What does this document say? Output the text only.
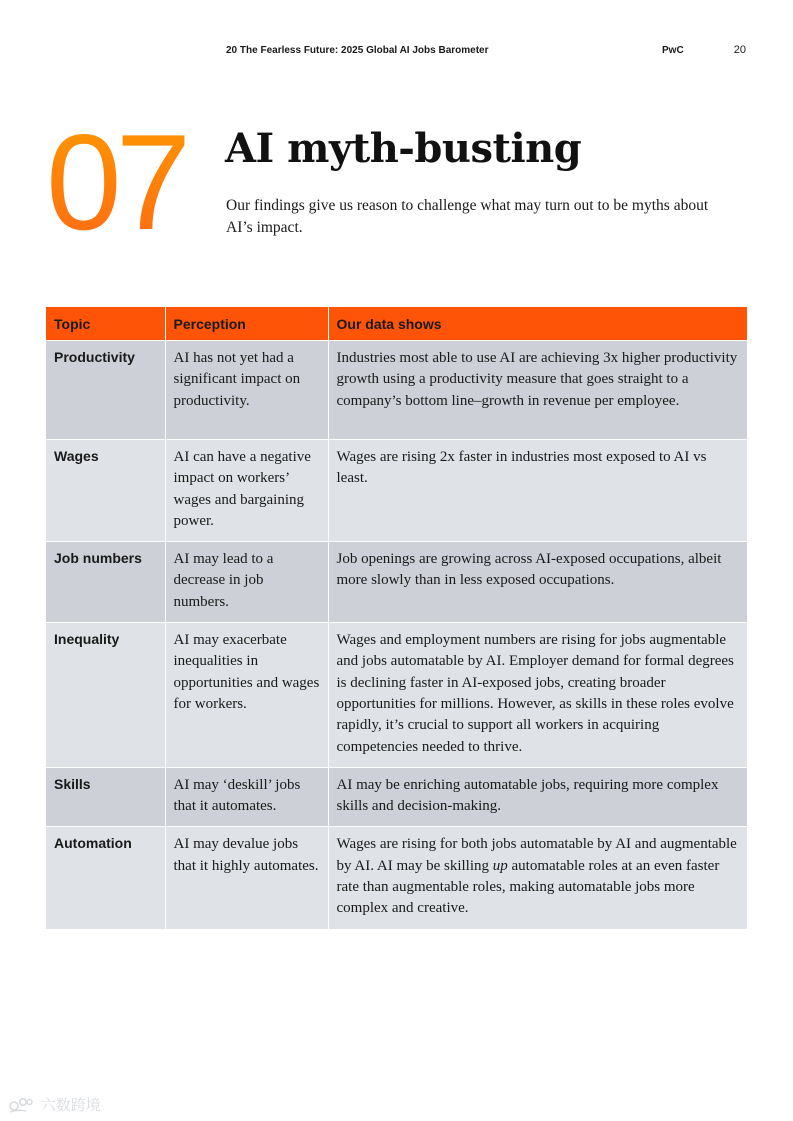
20 The Fearless Future: 2025 Global AI Jobs Barometer	PwC	20
07 AI myth-busting

Our findings give us reason to challenge what may turn out to be myths about AI’s impact.

Topic	Perception	Our data shows
Productivity	AI has not yet had a significant impact on productivity.	Industries most able to use AI are achieving 3x higher productivity growth using a productivity measure that goes straight to a company’s bottom line–growth in revenue per employee.
Wages	AI can have a negative impact on workers’ wages and bargaining power.	Wages are rising 2x faster in industries most exposed to AI vs least.
Job numbers	AI may lead to a decrease in job numbers.	Job openings are growing across AI-exposed occupations, albeit more slowly than in less exposed occupations.
Inequality	AI may exacerbate inequalities in opportunities and wages for workers.	Wages and employment numbers are rising for jobs augmentable and jobs automatable by AI. Employer demand for formal degrees is declining faster in AI-exposed jobs, creating broader opportunities for millions. However, as skills in these roles evolve rapidly, it’s crucial to support all workers in acquiring competencies needed to thrive.
Skills	AI may ‘deskill’ jobs that it automates.	AI may be enriching automatable jobs, requiring more complex skills and decision-making.
Automation	AI may devalue jobs that it highly automates.	Wages are rising for both jobs automatable by AI and augmentable by AI. AI may be skilling up automatable roles at an even faster rate than augmentable roles, making automatable jobs more complex and creative.
六数跨境
